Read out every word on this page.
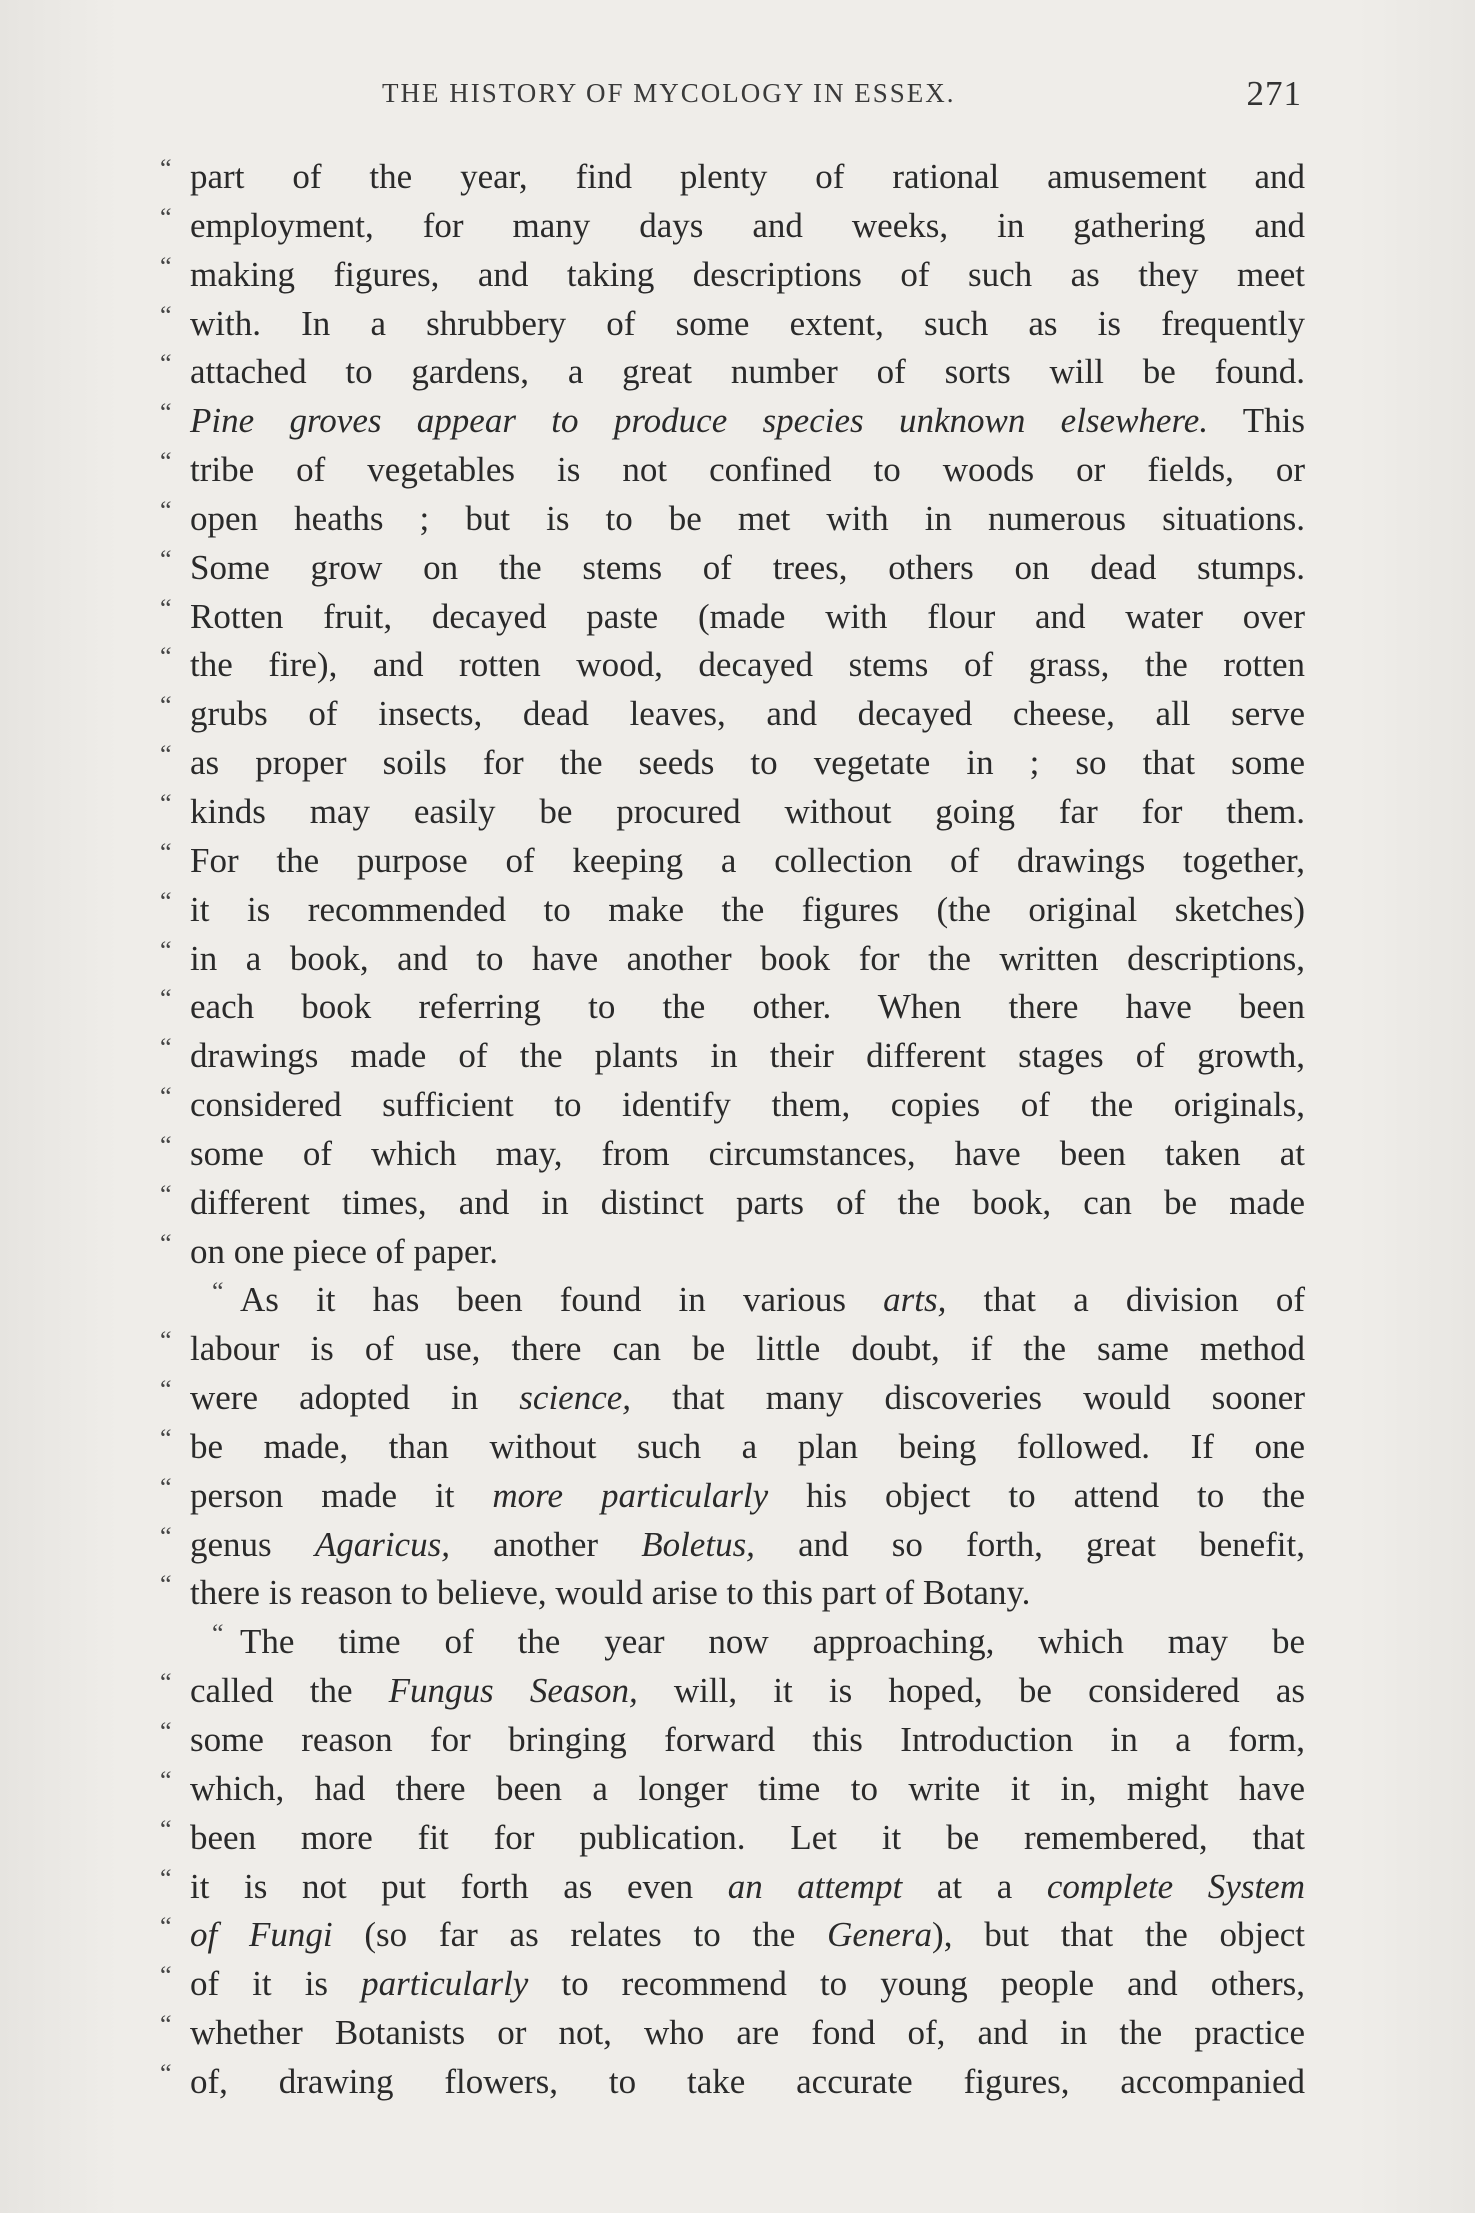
THE HISTORY OF MYCOLOGY IN ESSEX.	271
“ part of the year, find plenty of rational amusement and
“ employment, for many days and weeks, in gathering and
“ making figures, and taking descriptions of such as they meet
“ with. In a shrubbery of some extent, such as is frequently
“ attached to gardens, a great number of sorts will be found.
“ Pine groves appear to produce species unknown elsewhere. This
“ tribe of vegetables is not confined to woods or fields, or
“ open heaths ; but is to be met with in numerous situations.
“ Some grow on the stems of trees, others on dead stumps.
“ Rotten fruit, decayed paste (made with flour and water over
“ the fire), and rotten wood, decayed stems of grass, the rotten
“ grubs of insects, dead leaves, and decayed cheese, all serve
“ as proper soils for the seeds to vegetate in ; so that some
“ kinds may easily be procured without going far for them.
“ For the purpose of keeping a collection of drawings together,
“ it is recommended to make the figures (the original sketches)
“ in a book, and to have another book for the written descriptions,
“ each book referring to the other. When there have been
“ drawings made of the plants in their different stages of growth,
“ considered sufficient to identify them, copies of the originals,
“ some of which may, from circumstances, have been taken at
“ different times, and in distinct parts of the book, can be made
“ on one piece of paper.
“ As it has been found in various arts, that a division of
“ labour is of use, there can be little doubt, if the same method
“ were adopted in science, that many discoveries would sooner
“ be made, than without such a plan being followed. If one
“ person made it more particularly his object to attend to the
“ genus Agaricus, another Boletus, and so forth, great benefit,
“ there is reason to believe, would arise to this part of Botany.
“ The time of the year now approaching, which may be
“ called the Fungus Season, will, it is hoped, be considered as
“ some reason for bringing forward this Introduction in a form,
“ which, had there been a longer time to write it in, might have
“ been more fit for publication. Let it be remembered, that
“ it is not put forth as even an attempt at a complete System
“ of Fungi (so far as relates to the Genera), but that the object
“ of it is particularly to recommend to young people and others,
“ whether Botanists or not, who are fond of, and in the practice
“ of, drawing flowers, to take accurate figures, accompanied
